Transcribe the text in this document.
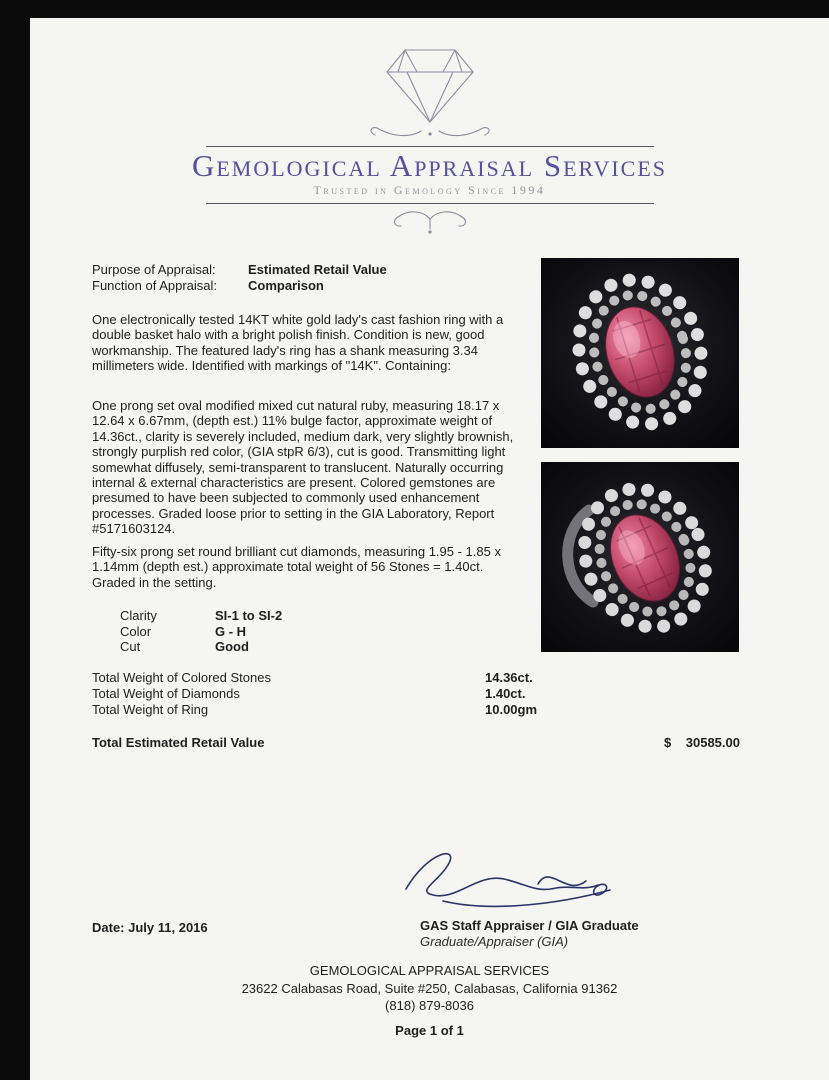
Gemological Appraisal Services
Trusted in Gemology Since 1994
Purpose of Appraisal: Estimated Retail Value
Function of Appraisal: Comparison

One electronically tested 14KT white gold lady's cast fashion ring with a double basket halo with a bright polish finish. Condition is new, good workmanship. The featured lady's ring has a shank measuring 3.34 millimeters wide. Identified with markings of "14K". Containing:

One prong set oval modified mixed cut natural ruby, measuring 18.17 x 12.64 x 6.67mm, (depth est.) 11% bulge factor, approximate weight of 14.36ct., clarity is severely included, medium dark, very slightly brownish, strongly purplish red color, (GIA stpR 6/3), cut is good. Transmitting light somewhat diffusely, semi-transparent to translucent. Naturally occurring internal & external characteristics are present. Colored gemstones are presumed to have been subjected to commonly used enhancement processes. Graded loose prior to setting in the GIA Laboratory, Report #5171603124.

Fifty-six prong set round brilliant cut diamonds, measuring 1.95 - 1.85 x 1.14mm (depth est.) approximate total weight of 56 Stones = 1.40ct. Graded in the setting.

Clarity	SI-1 to SI-2
Color	G - H
Cut	Good
Total Weight of Colored Stones	14.36ct.
Total Weight of Diamonds	1.40ct.
Total Weight of Ring	10.00gm
Total Estimated Retail Value	$ 30585.00
Date: July 11, 2016	GAS Staff Appraiser / GIA Graduate
Graduate/Appraiser (GIA)
GEMOLOGICAL APPRAISAL SERVICES
23622 Calabasas Road, Suite #250, Calabasas, California 91362
(818) 879-8036
Page 1 of 1
